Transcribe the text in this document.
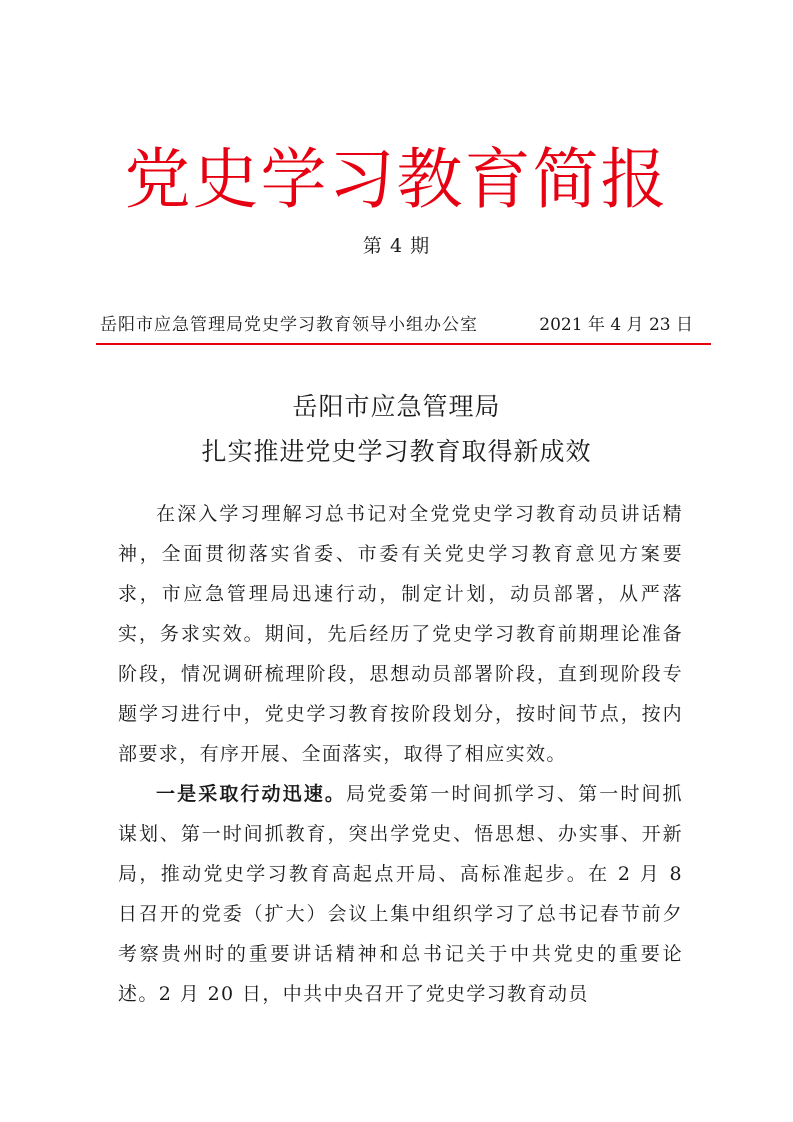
党史学习教育简报
第 4 期
岳阳市应急管理局党史学习教育领导小组办公室	2021 年 4 月 23 日
岳阳市应急管理局
扎实推进党史学习教育取得新成效

在深入学习理解习总书记对全党党史学习教育动员讲话精神，全面贯彻落实省委、市委有关党史学习教育意见方案要求，市应急管理局迅速行动，制定计划，动员部署，从严落实，务求实效。期间，先后经历了党史学习教育前期理论准备阶段，情况调研梳理阶段，思想动员部署阶段，直到现阶段专题学习进行中，党史学习教育按阶段划分，按时间节点，按内部要求，有序开展、全面落实，取得了相应实效。

一是采取行动迅速。局党委第一时间抓学习、第一时间抓谋划、第一时间抓教育，突出学党史、悟思想、办实事、开新局，推动党史学习教育高起点开局、高标准起步。在 2 月 8 日召开的党委（扩大）会议上集中组织学习了总书记春节前夕考察贵州时的重要讲话精神和总书记关于中共党史的重要论述。2 月 20 日，中共中央召开了党史学习教育动员
